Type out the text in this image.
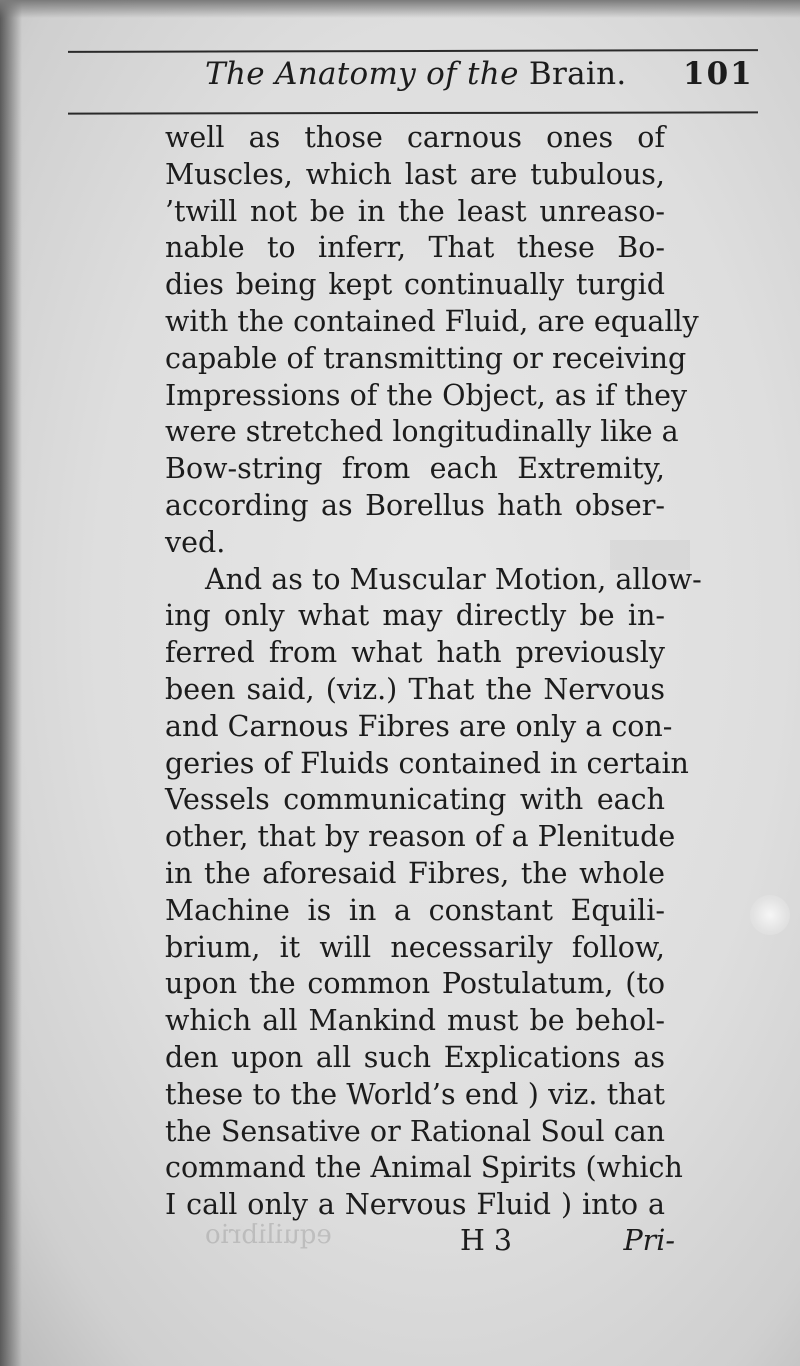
The Anatomy of the Brain. 101
well as those carnous ones of
Muscles, which last are tubulous,
’twill not be in the least unreaso-
nable to inferr, That these Bo-
dies being kept continually turgid
with the contained Fluid, are equally
capable of transmitting or receiving
Impressions of the Object, as if they
were stretched longitudinally like a
Bow-string from each Extremity,
according as Borellus hath obser-
ved.
And as to Muscular Motion, allow-
ing only what may directly be in-
ferred from what hath previously
been said, (viz.) That the Nervous
and Carnous Fibres are only a con-
geries of Fluids contained in certain
Vessels communicating with each
other, that by reason of a Plenitude
in the aforesaid Fibres, the whole
Machine is in a constant Equili-
brium, it will necessarily follow,
upon the common Postulatum, (to
which all Mankind must be behol-
den upon all such Explications as
these to the World’s end ) viz. that
the Sensative or Rational Soul can
command the Animal Spirits (which
I call only a Nervous Fluid ) into a
equilibrio	H 3	Pri-
